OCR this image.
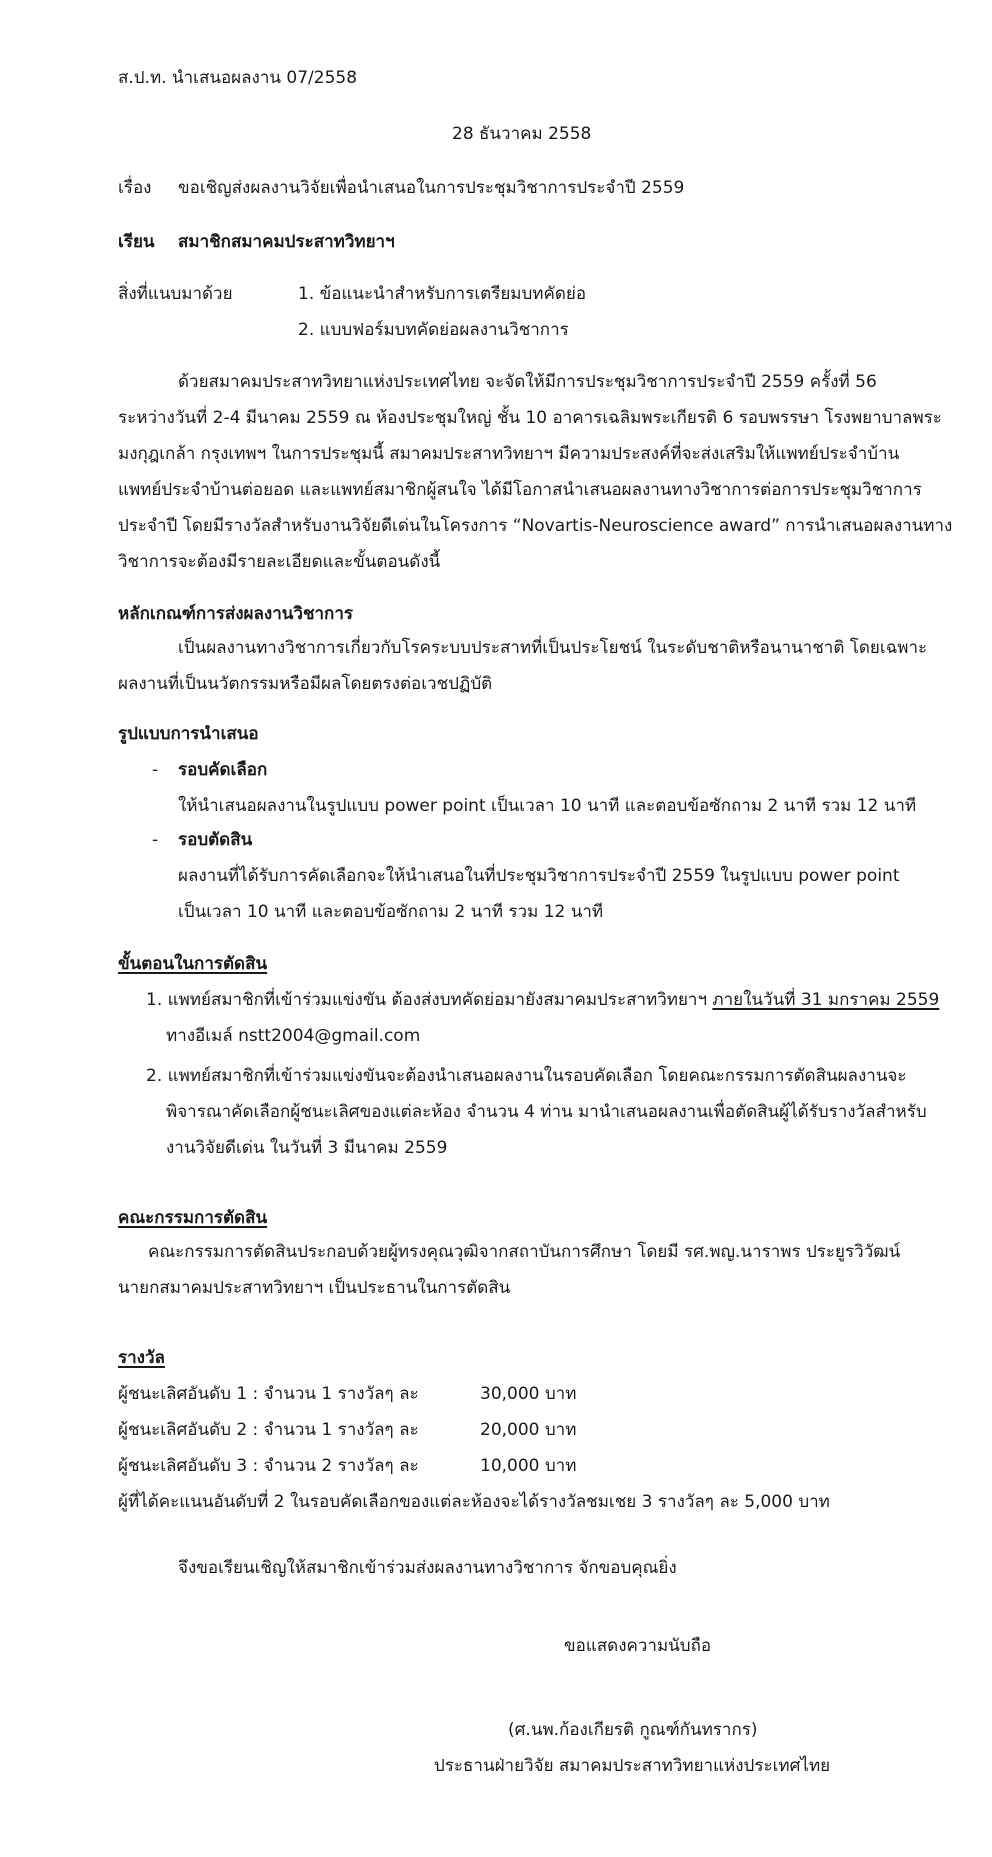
ส.ป.ท. นำเสนอผลงาน 07/2558
28 ธันวาคม 2558
เรื่อง ขอเชิญส่งผลงานวิจัยเพื่อนำเสนอในการประชุมวิชาการประจำปี 2559
เรียน สมาชิกสมาคมประสาทวิทยาฯ
สิ่งที่แนบมาด้วย	1. ข้อแนะนำสำหรับการเตรียมบทคัดย่อ
2. แบบฟอร์มบทคัดย่อผลงานวิชาการ
ด้วยสมาคมประสาทวิทยาแห่งประเทศไทย จะจัดให้มีการประชุมวิชาการประจำปี 2559 ครั้งที่ 56
ระหว่างวันที่ 2-4 มีนาคม 2559 ณ ห้องประชุมใหญ่ ชั้น 10 อาคารเฉลิมพระเกียรติ 6 รอบพรรษา โรงพยาบาลพระ
มงกุฎเกล้า กรุงเทพฯ ในการประชุมนี้ สมาคมประสาทวิทยาฯ มีความประสงค์ที่จะส่งเสริมให้แพทย์ประจำบ้าน
แพทย์ประจำบ้านต่อยอด และแพทย์สมาชิกผู้สนใจ ได้มีโอกาสนำเสนอผลงานทางวิชาการต่อการประชุมวิชาการ
ประจำปี โดยมีรางวัลสำหรับงานวิจัยดีเด่นในโครงการ “Novartis-Neuroscience award” การนำเสนอผลงานทาง
วิชาการจะต้องมีรายละเอียดและขั้นตอนดังนี้
หลักเกณฑ์การส่งผลงานวิชาการ
เป็นผลงานทางวิชาการเกี่ยวกับโรคระบบประสาทที่เป็นประโยชน์ ในระดับชาติหรือนานาชาติ โดยเฉพาะ
ผลงานที่เป็นนวัตกรรมหรือมีผลโดยตรงต่อเวชปฏิบัติ
รูปแบบการนำเสนอ
- รอบคัดเลือก
ให้นำเสนอผลงานในรูปแบบ power point เป็นเวลา 10 นาที และตอบข้อซักถาม 2 นาที รวม 12 นาที
- รอบตัดสิน
ผลงานที่ได้รับการคัดเลือกจะให้นำเสนอในที่ประชุมวิชาการประจำปี 2559 ในรูปแบบ power point
เป็นเวลา 10 นาที และตอบข้อซักถาม 2 นาที รวม 12 นาที
ขั้นตอนในการตัดสิน
1. แพทย์สมาชิกที่เข้าร่วมแข่งขัน ต้องส่งบทคัดย่อมายังสมาคมประสาทวิทยาฯ ภายในวันที่ 31 มกราคม 2559
ทางอีเมล์ nstt2004@gmail.com
2. แพทย์สมาชิกที่เข้าร่วมแข่งขันจะต้องนำเสนอผลงานในรอบคัดเลือก โดยคณะกรรมการตัดสินผลงานจะ
พิจารณาคัดเลือกผู้ชนะเลิศของแต่ละห้อง จำนวน 4 ท่าน มานำเสนอผลงานเพื่อตัดสินผู้ได้รับรางวัลสำหรับ
งานวิจัยดีเด่น ในวันที่ 3 มีนาคม 2559
คณะกรรมการตัดสิน
คณะกรรมการตัดสินประกอบด้วยผู้ทรงคุณวุฒิจากสถาบันการศึกษา โดยมี รศ.พญ.นาราพร ประยูรวิวัฒน์
นายกสมาคมประสาทวิทยาฯ เป็นประธานในการตัดสิน
รางวัล
ผู้ชนะเลิศอันดับ 1 : จำนวน 1 รางวัลๆ ละ	30,000 บาท
ผู้ชนะเลิศอันดับ 2 : จำนวน 1 รางวัลๆ ละ	20,000 บาท
ผู้ชนะเลิศอันดับ 3 : จำนวน 2 รางวัลๆ ละ	10,000 บาท
ผู้ที่ได้คะแนนอันดับที่ 2 ในรอบคัดเลือกของแต่ละห้องจะได้รางวัลชมเชย 3 รางวัลๆ ละ 5,000 บาท
จึงขอเรียนเชิญให้สมาชิกเข้าร่วมส่งผลงานทางวิชาการ จักขอบคุณยิ่ง
ขอแสดงความนับถือ
(ศ.นพ.ก้องเกียรติ กูณฑ์กันทรากร)
ประธานฝ่ายวิจัย สมาคมประสาทวิทยาแห่งประเทศไทย
